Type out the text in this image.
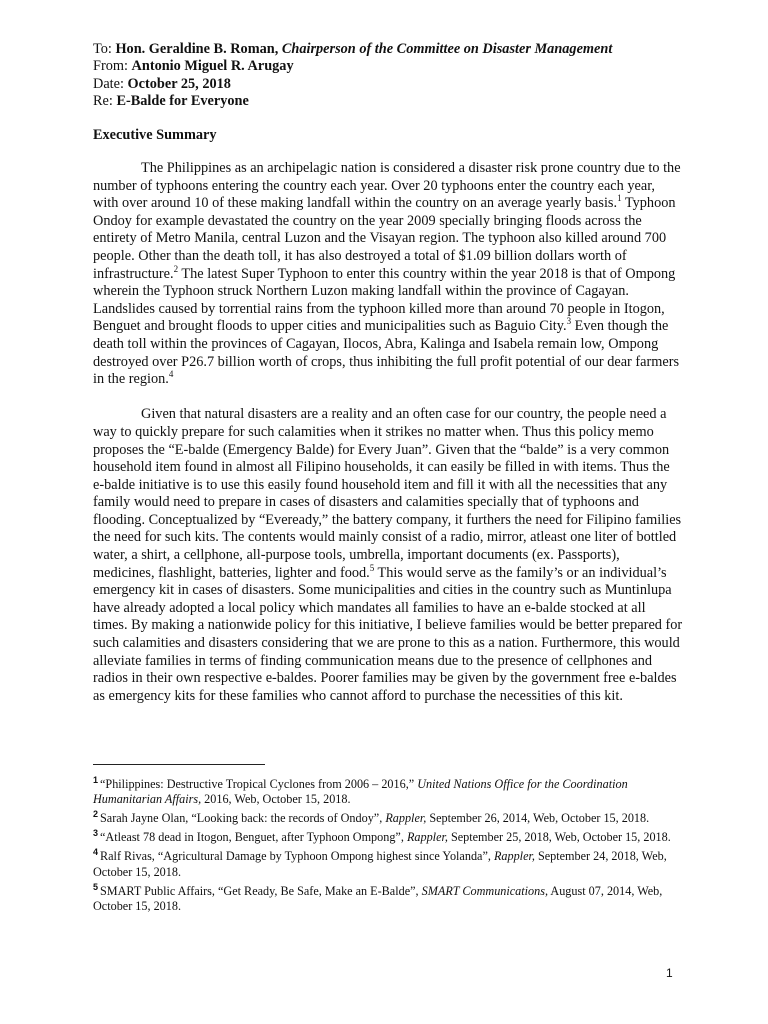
To: Hon. Geraldine B. Roman, Chairperson of the Committee on Disaster Management
From: Antonio Miguel R. Arugay
Date: October 25, 2018
Re: E-Balde for Everyone
Executive Summary

The Philippines as an archipelagic nation is considered a disaster risk prone country due to the number of typhoons entering the country each year. Over 20 typhoons enter the country each year, with over around 10 of these making landfall within the country on an average yearly basis.$^1$ Typhoon Ondoy for example devastated the country on the year 2009 specially bringing floods across the entirety of Metro Manila, central Luzon and the Visayan region. The typhoon also killed around 700 people. Other than the death toll, it has also destroyed a total of $1.09 billion dollars worth of infrastructure.$^2$ The latest Super Typhoon to enter this country within the year 2018 is that of Ompong wherein the Typhoon struck Northern Luzon making landfall within the province of Cagayan. Landslides caused by torrential rains from the typhoon killed more than around 70 people in Itogon, Benguet and brought floods to upper cities and municipalities such as Baguio City.$^3$ Even though the death toll within the provinces of Cagayan, Ilocos, Abra, Kalinga and Isabela remain low, Ompong destroyed over P26.7 billion worth of crops, thus inhibiting the full profit potential of our dear farmers in the region.$^4$

Given that natural disasters are a reality and an often case for our country, the people need a way to quickly prepare for such calamities when it strikes no matter when. Thus this policy memo proposes the “E-balde (Emergency Balde) for Every Juan”. Given that the “balde” is a very common household item found in almost all Filipino households, it can easily be filled in with items. Thus the e-balde initiative is to use this easily found household item and fill it with all the necessities that any family would need to prepare in cases of disasters and calamities specially that of typhoons and flooding. Conceptualized by “Eveready,” the battery company, it furthers the need for Filipino families the need for such kits. The contents would mainly consist of a radio, mirror, atleast one liter of bottled water, a shirt, a cellphone, all-purpose tools, umbrella, important documents (ex. Passports), medicines, flashlight, batteries, lighter and food.$^5$ This would serve as the family’s or an individual’s emergency kit in cases of disasters. Some municipalities and cities in the country such as Muntinlupa have already adopted a local policy which mandates all families to have an e-balde stocked at all times. By making a nationwide policy for this initiative, I believe families would be better prepared for such calamities and disasters considering that we are prone to this as a nation. Furthermore, this would alleviate families in terms of finding communication means due to the presence of cellphones and radios in their own respective e-baldes. Poorer families may be given by the government free e-baldes as emergency kits for these families who cannot afford to purchase the necessities of this kit.

$^1$ “Philippines: Destructive Tropical Cyclones from 2006 – 2016,” United Nations Office for the Coordination Humanitarian Affairs, 2016, Web, October 15, 2018.
$^2$ Sarah Jayne Olan, “Looking back: the records of Ondoy”, Rappler, September 26, 2014, Web, October 15, 2018.
$^3$ “Atleast 78 dead in Itogon, Benguet, after Typhoon Ompong”, Rappler, September 25, 2018, Web, October 15, 2018.
$^4$ Ralf Rivas, “Agricultural Damage by Typhoon Ompong highest since Yolanda”, Rappler, September 24, 2018, Web, October 15, 2018.
$^5$ SMART Public Affairs, “Get Ready, Be Safe, Make an E-Balde”, SMART Communications, August 07, 2014, Web, October 15, 2018.
1
